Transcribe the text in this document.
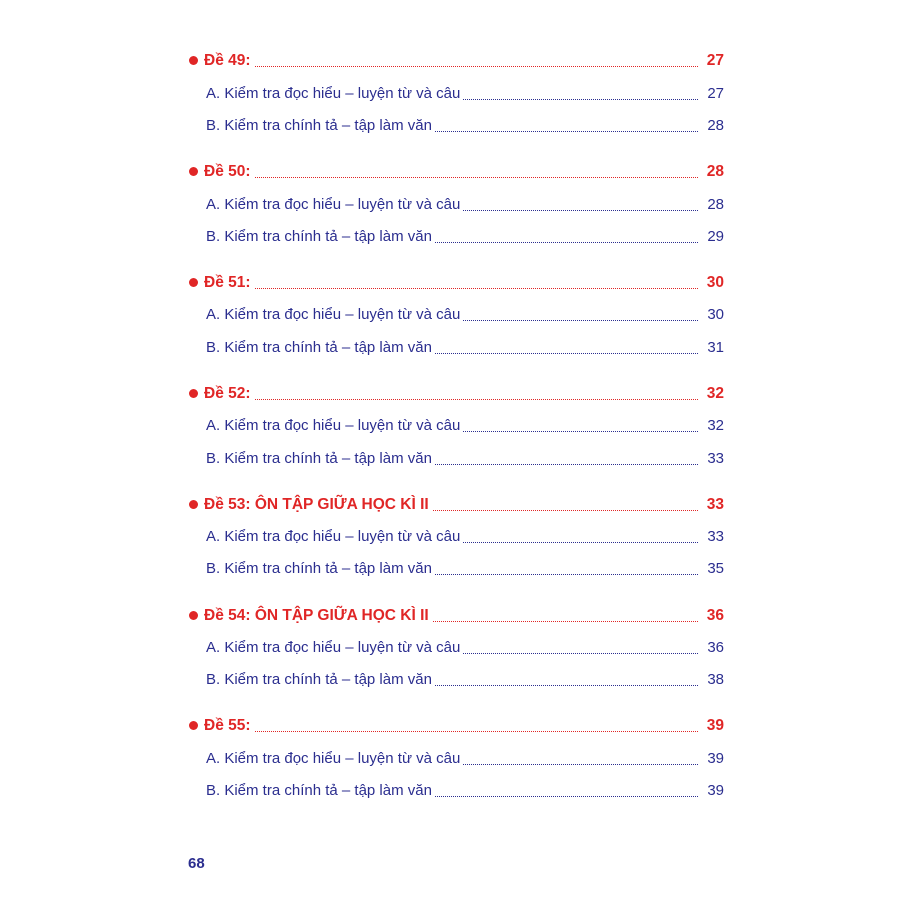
Đề 49:	27
A. Kiểm tra đọc hiểu – luyện từ và câu	27
B. Kiểm tra chính tả – tập làm văn	28
Đề 50:	28
A. Kiểm tra đọc hiểu – luyện từ và câu	28
B. Kiểm tra chính tả – tập làm văn	29
Đề 51:	30
A. Kiểm tra đọc hiểu – luyện từ và câu	30
B. Kiểm tra chính tả – tập làm văn	31
Đề 52:	32
A. Kiểm tra đọc hiểu – luyện từ và câu	32
B. Kiểm tra chính tả – tập làm văn	33
Đề 53: ÔN TẬP GIỮA HỌC KÌ II	33
A. Kiểm tra đọc hiểu – luyện từ và câu	33
B. Kiểm tra chính tả – tập làm văn	35
Đề 54: ÔN TẬP GIỮA HỌC KÌ II	36
A. Kiểm tra đọc hiểu – luyện từ và câu	36
B. Kiểm tra chính tả – tập làm văn	38
Đề 55:	39
A. Kiểm tra đọc hiểu – luyện từ và câu	39
B. Kiểm tra chính tả – tập làm văn	39
68
